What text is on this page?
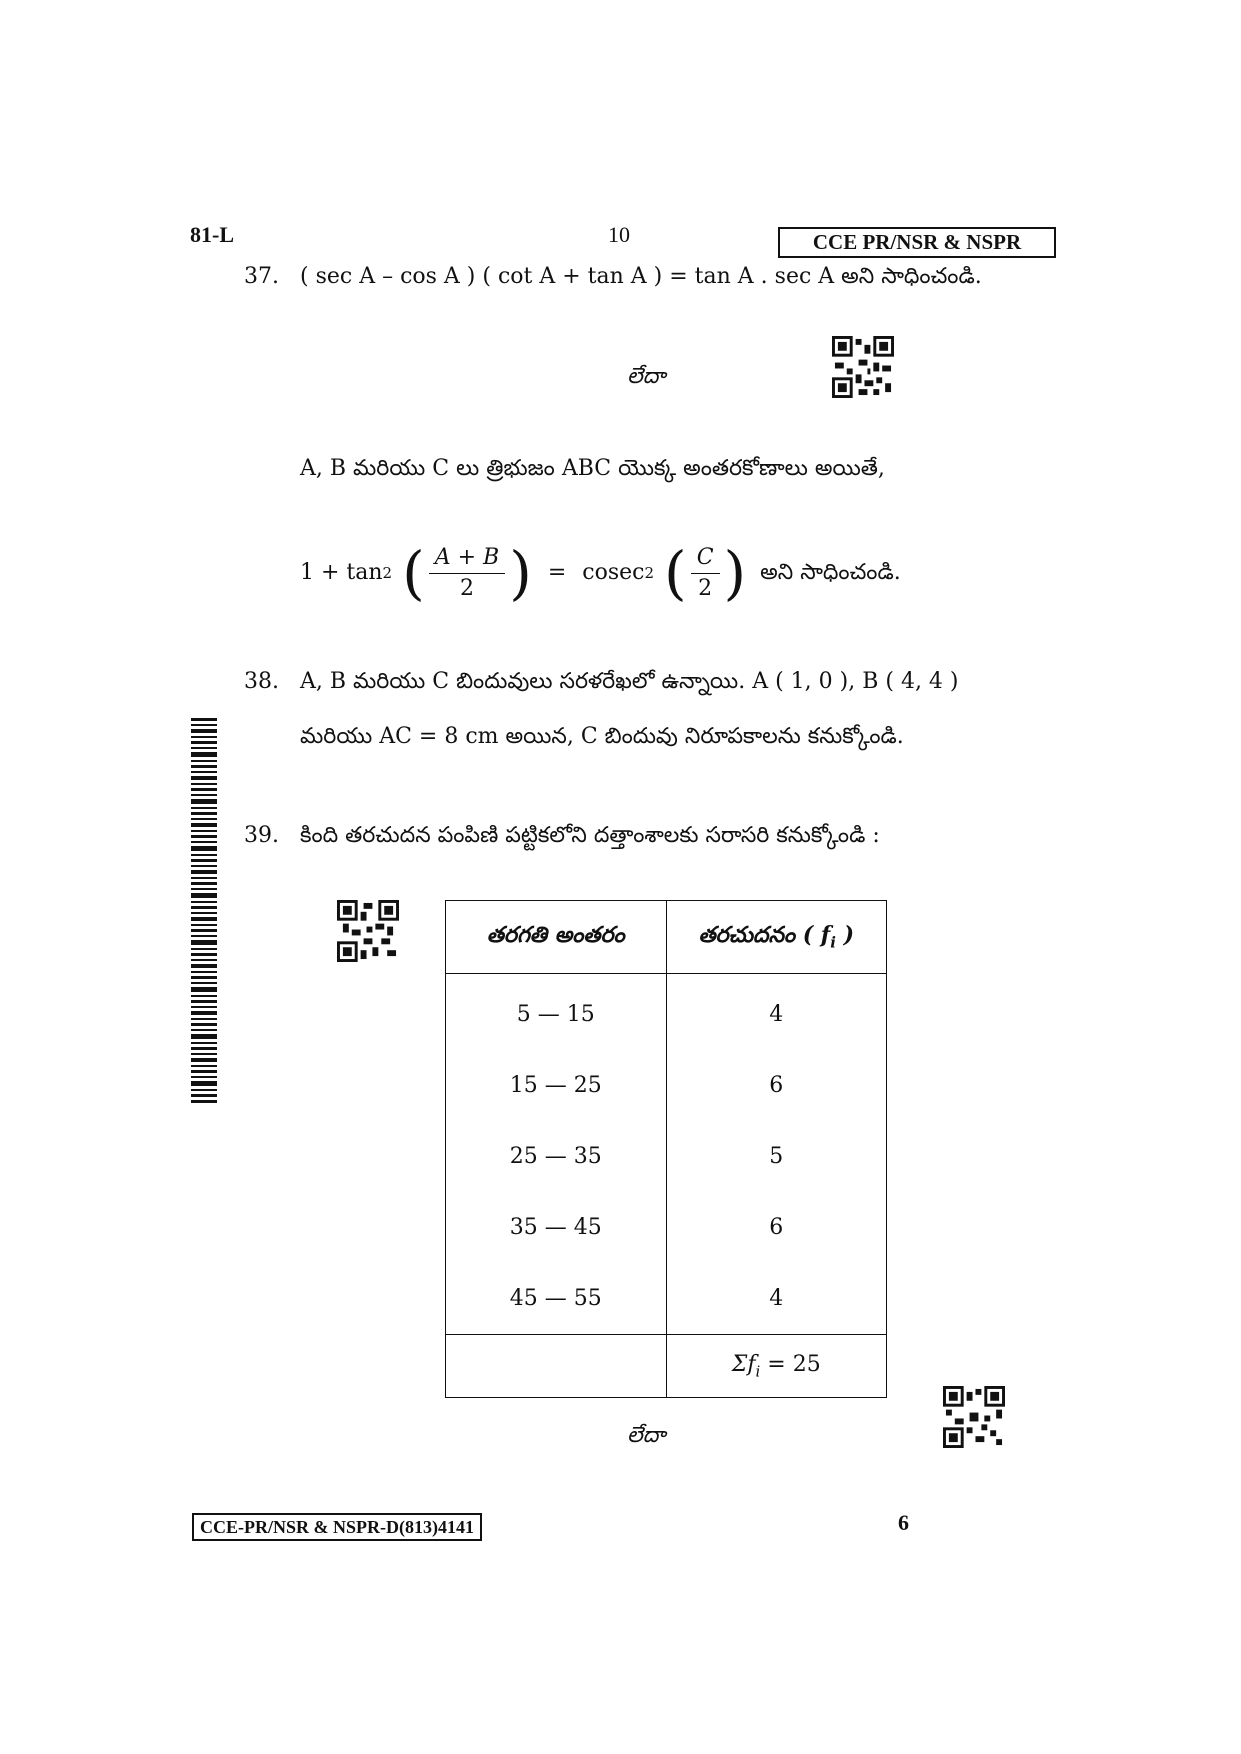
81-L	10	CCE PR/NSR & NSPR
37. ( sec A – cos A ) ( cot A + tan A ) = tan A . sec A అని సాధించండి.
లేదా
A, B మరియు C లు త్రిభుజం ABC యొక్క అంతరకోణాలు అయితే,
1 + tan 2 ( $\frac{A + B}{2}$ ) = cosec 2 ( $\frac{C}{2}$ ) అని సాధించండి.
38. A, B మరియు C బిందువులు సరళరేఖలో ఉన్నాయి. A ( 1, 0 ), B ( 4, 4 )
మరియు AC = 8 cm అయిన, C బిందువు నిరూపకాలను కనుక్కోండి.
39. కింది తరచుదన పంపిణి పట్టికలోని దత్తాంశాలకు సరాసరి కనుక్కోండి :
తరగతి అంతరం	తరచుదనం ( $f_i$ )
5 — 15	4
15 — 25	6
25 — 35	5
35 — 45	6
45 — 55	4
	$\Sigma f_i = 25$
లేదా
CCE-PR/NSR & NSPR-D(813)4141	6
